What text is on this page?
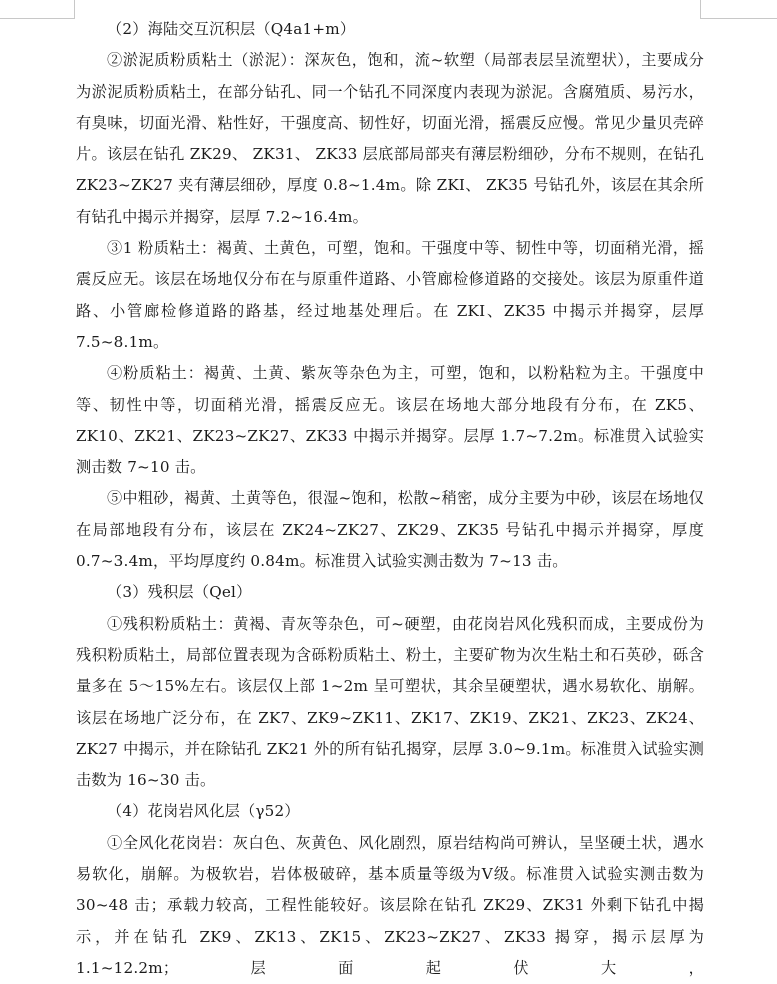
（2）海陆交互沉积层（Q4a1+m）

②淤泥质粉质粘土（淤泥）：深灰色，饱和，流~软塑（局部表层呈流塑状），主要成分为淤泥质粉质粘土，在部分钻孔、同一个钻孔不同深度内表现为淤泥。含腐殖质、易污水，有臭味，切面光滑、粘性好，干强度高、韧性好，切面光滑，摇震反应慢。常见少量贝壳碎片。该层在钻孔 ZK29、 ZK31、 ZK33 层底部局部夹有薄层粉细砂，分布不规则，在钻孔 ZK23~ZK27 夹有薄层细砂，厚度 0.8~1.4m。除 ZKI、 ZK35 号钻孔外，该层在其余所有钻孔中揭示并揭穿，层厚 7.2~16.4m。

③1 粉质粘土：褐黄、土黄色，可塑，饱和。干强度中等、韧性中等，切面稍光滑，摇震反应无。该层在场地仅分布在与原重件道路、小管廊检修道路的交接处。该层为原重件道路、小管廊检修道路的路基，经过地基处理后。在 ZKI、ZK35 中揭示并揭穿，层厚7.5~8.1m。

④粉质粘土：褐黄、土黄、紫灰等杂色为主，可塑，饱和，以粉粘粒为主。干强度中等、韧性中等，切面稍光滑，摇震反应无。该层在场地大部分地段有分布，在 ZK5、ZK10、ZK21、ZK23~ZK27、ZK33 中揭示并揭穿。层厚 1.7~7.2m。标准贯入试验实测击数 7~10 击。

⑤中粗砂，褐黄、土黄等色，很湿~饱和，松散~稍密，成分主要为中砂，该层在场地仅在局部地段有分布，该层在 ZK24~ZK27、ZK29、ZK35 号钻孔中揭示并揭穿，厚度 0.7~3.4m，平均厚度约 0.84m。标准贯入试验实测击数为 7~13 击。

（3）残积层（Qel）

①残积粉质粘土：黄褐、青灰等杂色，可~硬塑，由花岗岩风化残积而成，主要成份为残积粉质粘土，局部位置表现为含砾粉质粘土、粉土，主要矿物为次生粘土和石英砂，砾含量多在 5～15%左右。该层仅上部 1~2m 呈可塑状，其余呈硬塑状，遇水易软化、崩解。该层在场地广泛分布，在 ZK7、ZK9~ZK11、ZK17、ZK19、ZK21、ZK23、ZK24、ZK27 中揭示，并在除钻孔 ZK21 外的所有钻孔揭穿，层厚 3.0~9.1m。标准贯入试验实测击数为 16~30 击。

（4）花岗岩风化层（γ52）

①全风化花岗岩：灰白色、灰黄色、风化剧烈，原岩结构尚可辨认，呈坚硬土状，遇水易软化，崩解。为极软岩，岩体极破碎，基本质量等级为Ⅴ级。标准贯入试验实测击数为 30~48 击；承载力较高，工程性能较好。该层除在钻孔 ZK29、ZK31 外剩下钻孔中揭示，并在钻孔 ZK9、ZK13、ZK15、ZK23~ZK27、ZK33 揭穿，揭示层厚为 1.1~12.2m；层面起伏大，
